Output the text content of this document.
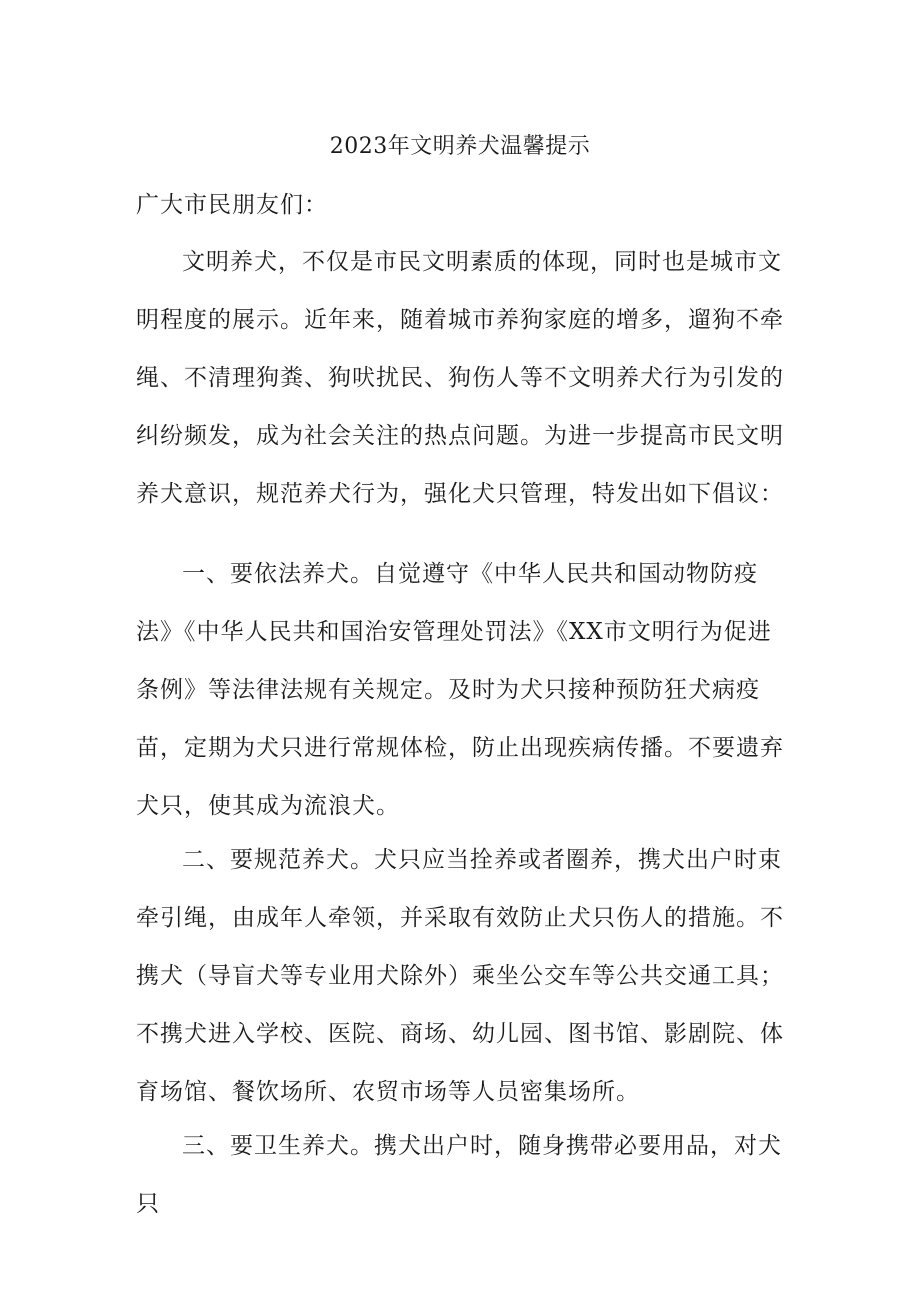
2023年文明养犬温馨提示
广大市民朋友们：

文明养犬，不仅是市民文明素质的体现，同时也是城市文明程度的展示。近年来，随着城市养狗家庭的增多，遛狗不牵绳、不清理狗粪、狗吠扰民、狗伤人等不文明养犬行为引发的纠纷频发，成为社会关注的热点问题。为进一步提高市民文明养犬意识，规范养犬行为，强化犬只管理，特发出如下倡议：

一、要依法养犬。自觉遵守《中华人民共和国动物防疫法》《中华人民共和国治安管理处罚法》《XX市文明行为促进条例》等法律法规有关规定。及时为犬只接种预防狂犬病疫苗，定期为犬只进行常规体检，防止出现疾病传播。不要遗弃犬只，使其成为流浪犬。

二、要规范养犬。犬只应当拴养或者圈养，携犬出户时束牵引绳，由成年人牵领，并采取有效防止犬只伤人的措施。不携犬（导盲犬等专业用犬除外）乘坐公交车等公共交通工具；不携犬进入学校、医院、商场、幼儿园、图书馆、影剧院、体育场馆、餐饮场所、农贸市场等人员密集场所。

三、要卫生养犬。携犬出户时，随身携带必要用品，对犬只
